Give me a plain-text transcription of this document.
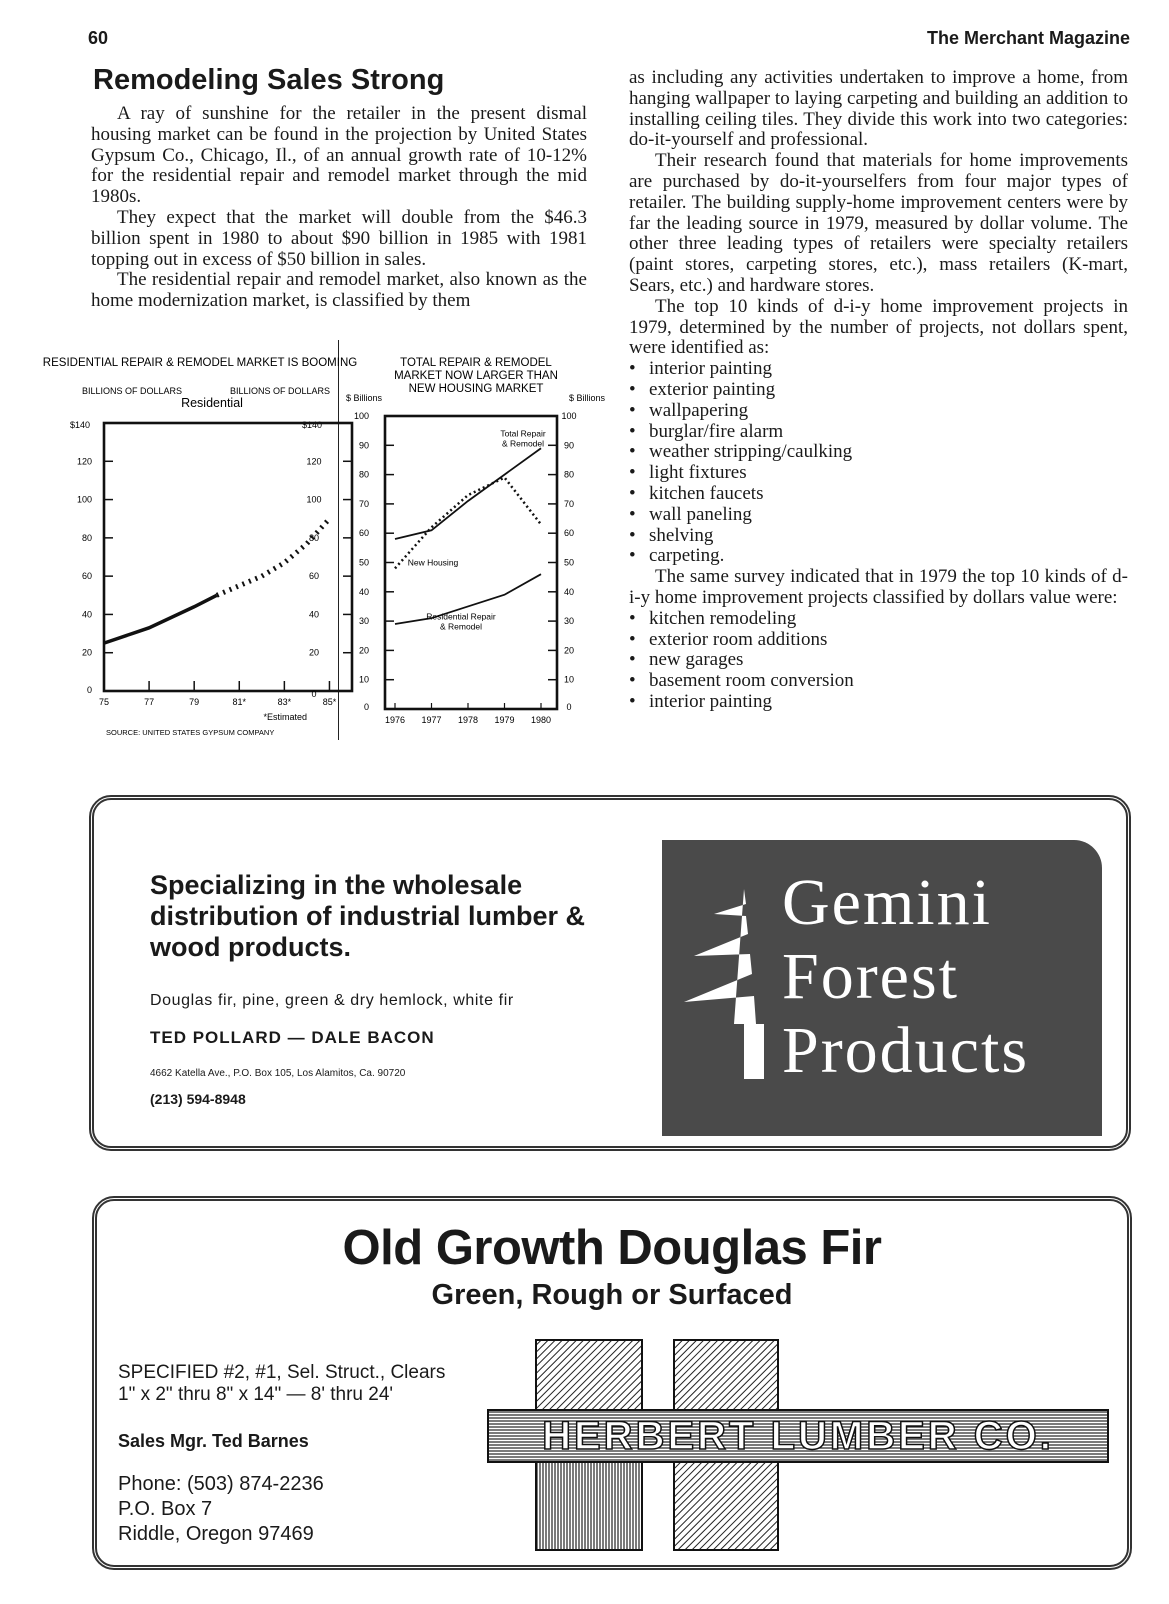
60	The Merchant Magazine
Remodeling Sales Strong

A ray of sunshine for the retailer in the present dismal housing market can be found in the projection by United States Gypsum Co., Chicago, Il., of an annual growth rate of 10-12% for the residential repair and remodel market through the mid 1980s.

They expect that the market will double from the $46.3 billion spent in 1980 to about $90 billion in 1985 with 1981 topping out in excess of $50 billion in sales.

The residential repair and remodel market, also known as the home modernization market, is classified by them

as including any activities undertaken to improve a home, from hanging wallpaper to laying carpeting and building an addition to installing ceiling tiles. They divide this work into two categories: do-it-yourself and professional.

Their research found that materials for home improvements are purchased by do-it-yourselfers from four major types of retailer. The building supply-home improvement centers were by far the leading source in 1979, measured by dollar volume. The other three leading types of retailers were specialty retailers (paint stores, carpeting stores, etc.), mass retailers (K-mart, Sears, etc.) and hardware stores.

The top 10 kinds of d-i-y home improvement projects in 1979, determined by the number of projects, not dollars spent, were identified as:

• interior painting
• exterior painting
• wallpapering
• burglar/fire alarm
• weather stripping/caulking
• light fixtures
• kitchen faucets
• wall paneling
• shelving
• carpeting.

The same survey indicated that in 1979 the top 10 kinds of d-i-y home improvement projects classified by dollars value were:

• kitchen remodeling
• exterior room additions
• new garages
• basement room conversion
• interior painting
RESIDENTIAL REPAIR & REMODEL MARKET IS BOOMING
BILLIONS OF DOLLARS
Residential
BILLIONS OF DOLLARS
$140	$140
120	120
100	100
80	80
60	60
40	40
20	20
0	0
75	77	79	81*	83*	85*
*Estimated
SOURCE: UNITED STATES GYPSUM COMPANY
TOTAL REPAIR & REMODEL MARKET NOW LARGER THAN NEW HOUSING MARKET
$ Billions	$ Billions
100	100
90	90
80	80
70	70
60	60
50	50
40	40
30	30
20	20
10	10
0	0
1976 1977 1978 1979 1980
Total Repair & Remodel
New Housing
Residential Repair & Remodel
Specializing in the wholesale distribution of industrial lumber & wood products.
Douglas fir, pine, green & dry hemlock, white fir
TED POLLARD — DALE BACON
4662 Katella Ave., P.O. Box 105, Los Alamitos, Ca. 90720
(213) 594-8948
Gemini
Forest
Products
Old Growth Douglas Fir
Green, Rough or Surfaced
SPECIFIED #2, #1, Sel. Struct., Clears
1" x 2" thru 8" x 14" — 8' thru 24'
Sales Mgr. Ted Barnes
Phone: (503) 874-2236
P.O. Box 7
Riddle, Oregon 97469
HERBERT LUMBER CO.
